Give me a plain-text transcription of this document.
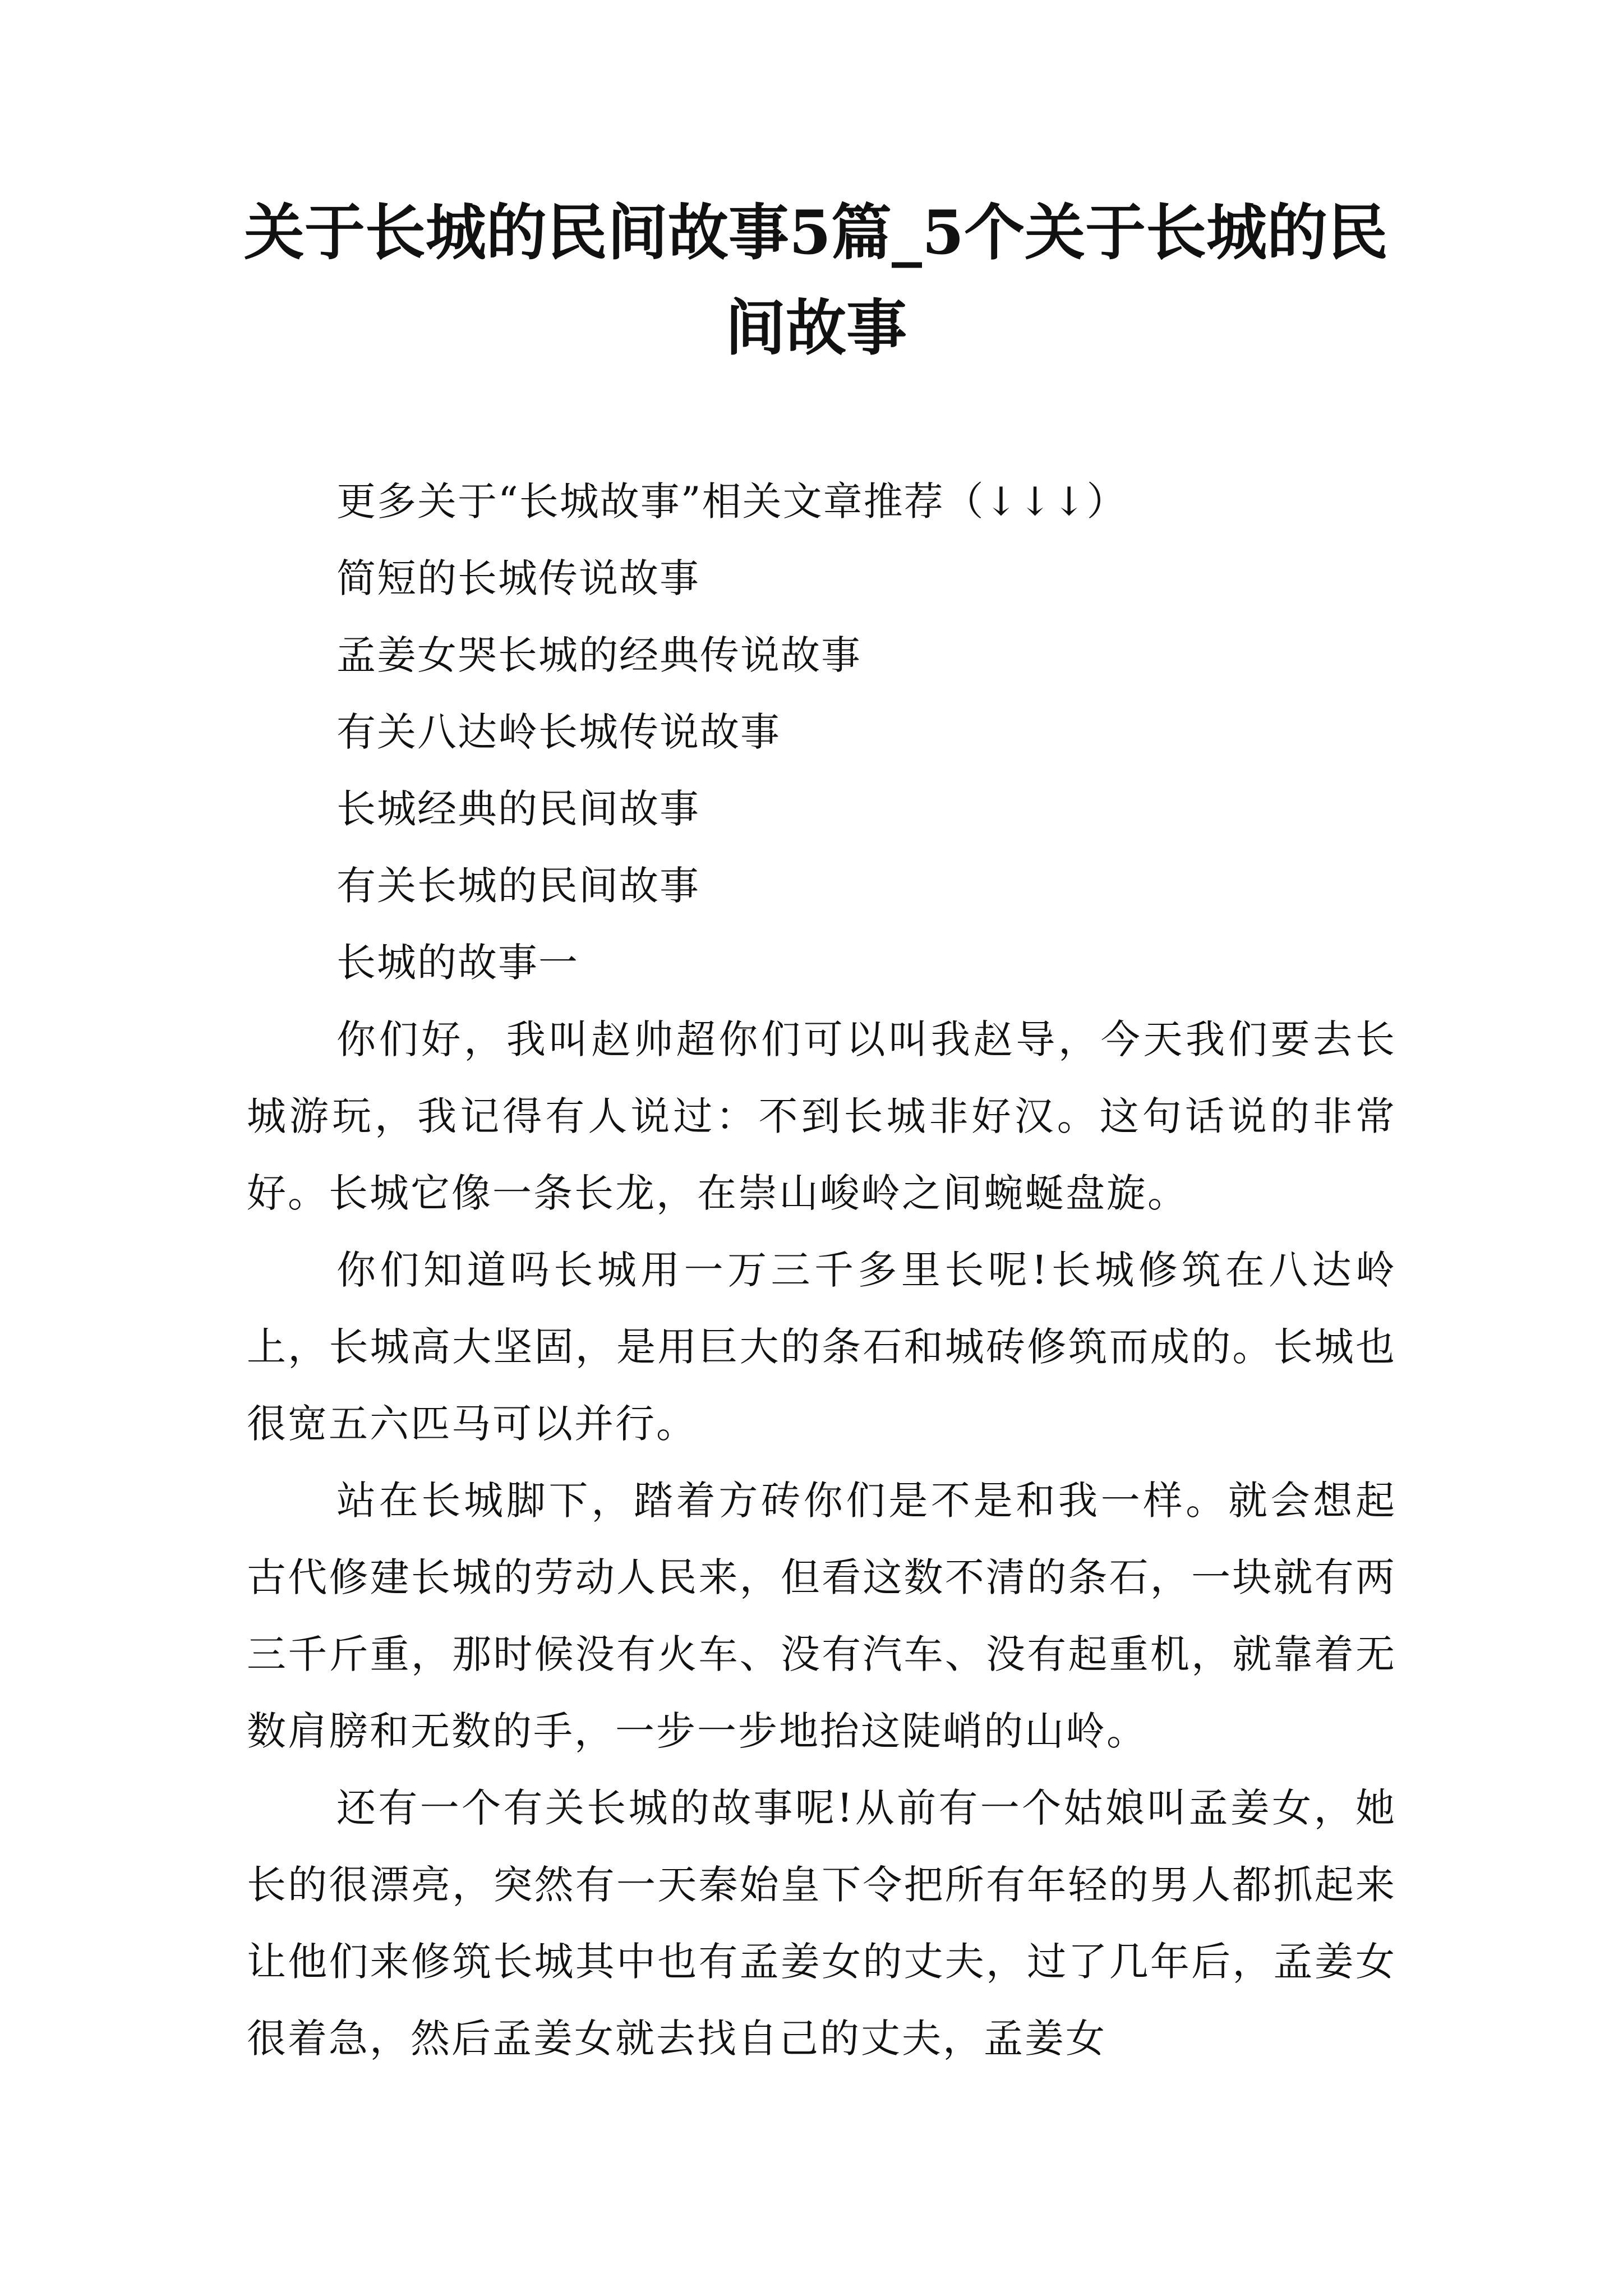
关于长城的民间故事5篇_5个关于长城的民间故事

更多关于“长城故事”相关文章推荐（↓↓↓）

简短的长城传说故事

孟姜女哭长城的经典传说故事

有关八达岭长城传说故事

长城经典的民间故事

有关长城的民间故事

长城的故事一

你们好，我叫赵帅超你们可以叫我赵导，今天我们要去长城游玩，我记得有人说过：不到长城非好汉。这句话说的非常好。长城它像一条长龙，在崇山峻岭之间蜿蜒盘旋。

你们知道吗长城用一万三千多里长呢!长城修筑在八达岭上，长城高大坚固，是用巨大的条石和城砖修筑而成的。长城也很宽五六匹马可以并行。

站在长城脚下，踏着方砖你们是不是和我一样。就会想起古代修建长城的劳动人民来，但看这数不清的条石，一块就有两三千斤重，那时候没有火车、没有汽车、没有起重机，就靠着无数肩膀和无数的手，一步一步地抬这陡峭的山岭。

还有一个有关长城的故事呢!从前有一个姑娘叫孟姜女，她长的很漂亮，突然有一天秦始皇下令把所有年轻的男人都抓起来让他们来修筑长城其中也有孟姜女的丈夫，过了几年后，孟姜女很着急，然后孟姜女就去找自己的丈夫，孟姜女
